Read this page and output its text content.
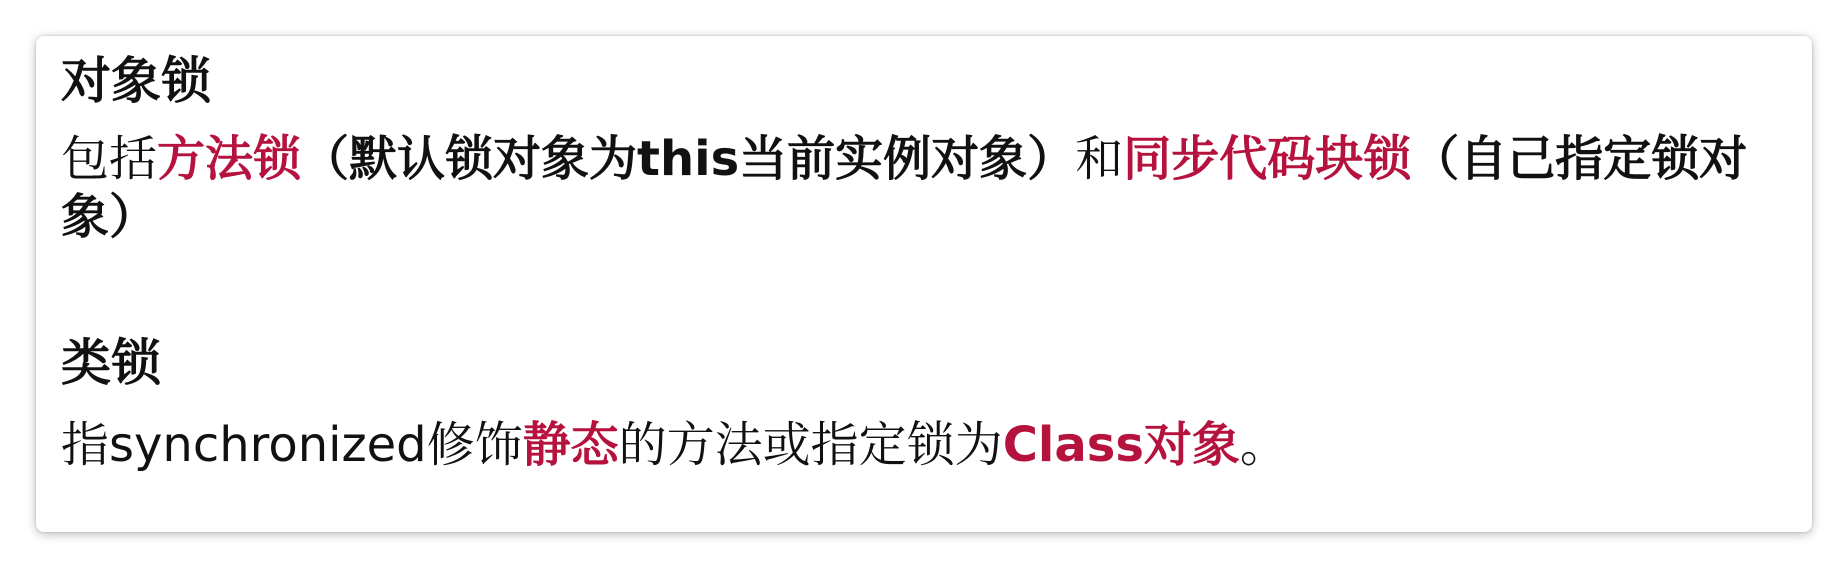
对象锁

包括方法锁（默认锁对象为this当前实例对象）和同步代码块锁（自己指定锁对象）

类锁

指synchronized修饰静态的方法或指定锁为Class对象。
